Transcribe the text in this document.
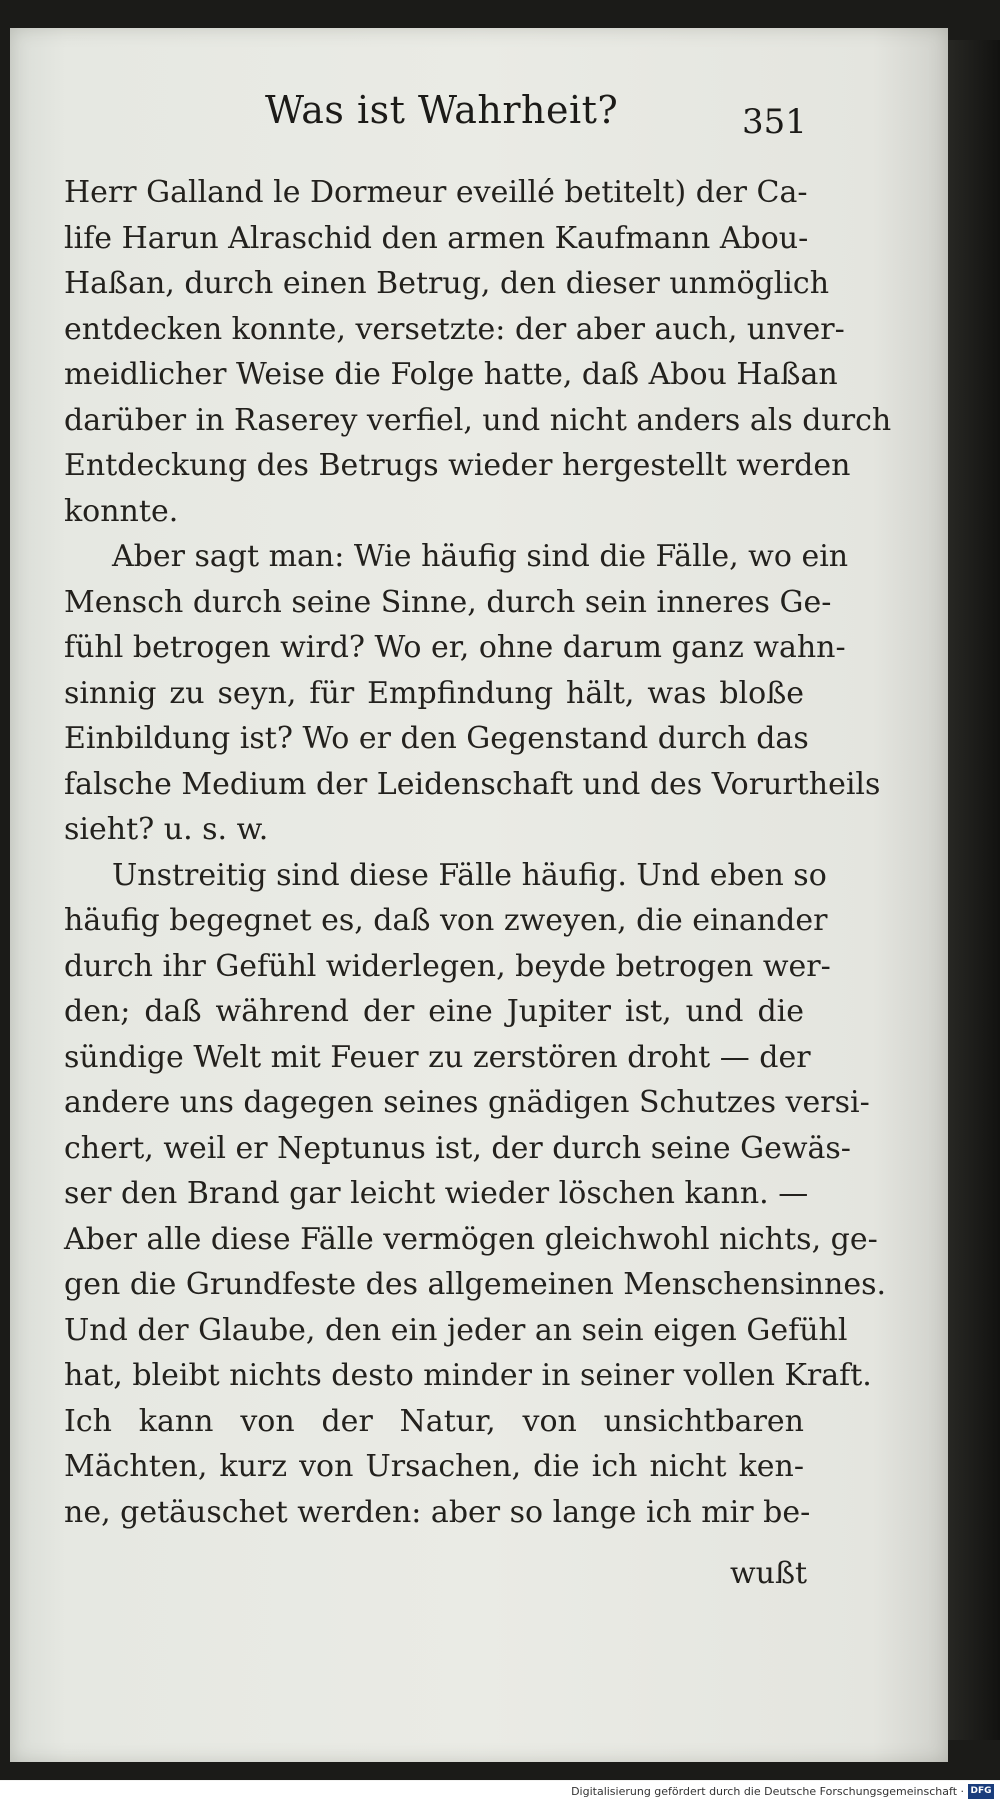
Was ist Wahrheit?	351

Herr Galland le Dormeur eveillé betitelt) der Ca-
life Harun Alraschid den armen Kaufmann Abou-
Haßan, durch einen Betrug, den dieser unmöglich
entdecken konnte, versetzte: der aber auch, unver-
meidlicher Weise die Folge hatte, daß Abou Haßan
darüber in Raserey verfiel, und nicht anders als durch
Entdeckung des Betrugs wieder hergestellt werden
konnte.

Aber sagt man: Wie häufig sind die Fälle, wo ein
Mensch durch seine Sinne, durch sein inneres Ge-
fühl betrogen wird? Wo er, ohne darum ganz wahn-
sinnig zu seyn, für Empfindung hält, was bloße
Einbildung ist? Wo er den Gegenstand durch das
falsche Medium der Leidenschaft und des Vorurtheils
sieht? u. s. w.

Unstreitig sind diese Fälle häufig. Und eben so
häufig begegnet es, daß von zweyen, die einander
durch ihr Gefühl widerlegen, beyde betrogen wer-
den; daß während der eine Jupiter ist, und die
sündige Welt mit Feuer zu zerstören droht — der
andere uns dagegen seines gnädigen Schutzes versi-
chert, weil er Neptunus ist, der durch seine Gewäs-
ser den Brand gar leicht wieder löschen kann. —
Aber alle diese Fälle vermögen gleichwohl nichts, ge-
gen die Grundfeste des allgemeinen Menschensinnes.
Und der Glaube, den ein jeder an sein eigen Gefühl
hat, bleibt nichts desto minder in seiner vollen Kraft.
Ich kann von der Natur, von unsichtbaren
Mächten, kurz von Ursachen, die ich nicht ken-
ne, getäuschet werden: aber so lange ich mir be-

wußt
Digitalisierung gefördert durch die Deutsche Forschungsgemeinschaft · DFG
